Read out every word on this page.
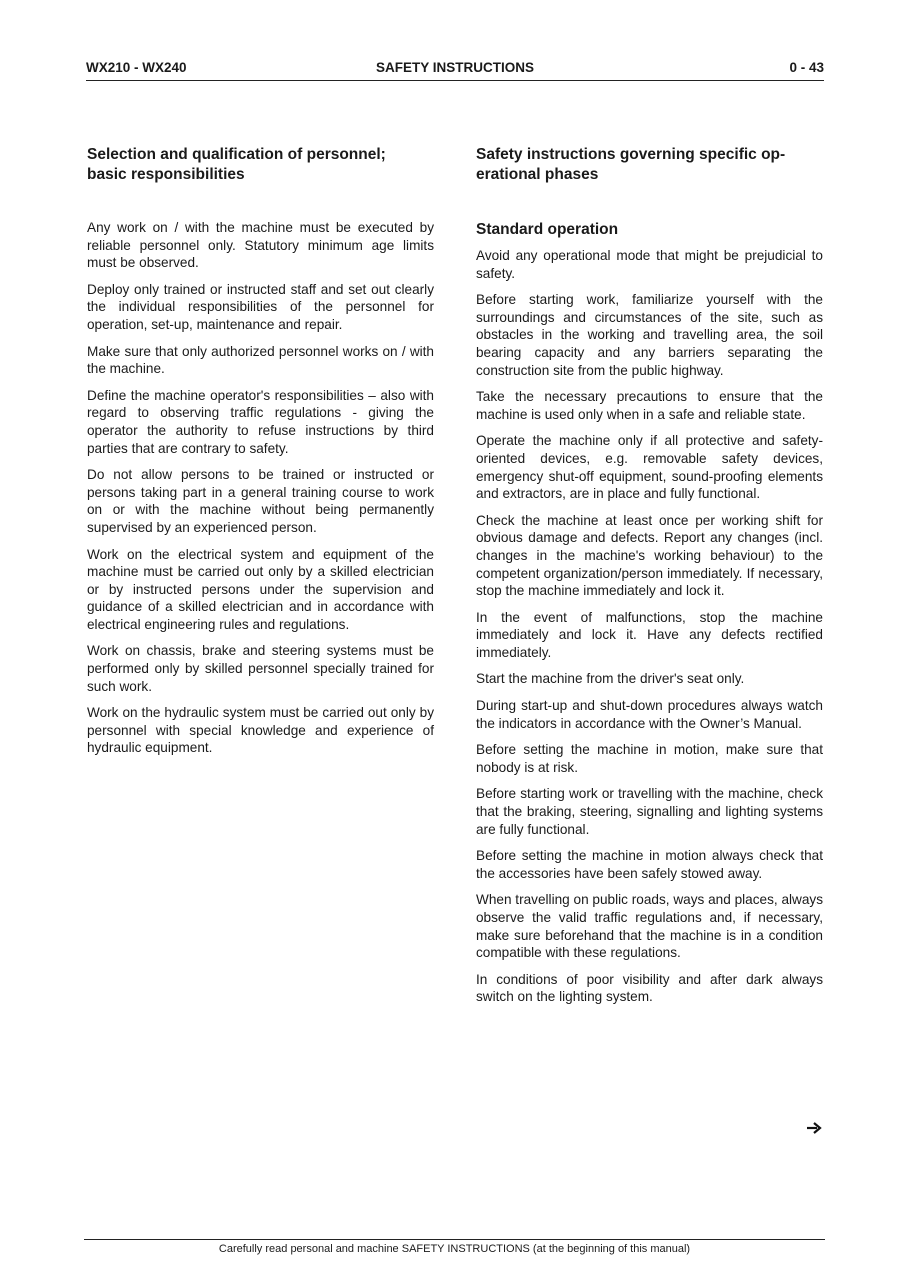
WX210 - WX240	SAFETY INSTRUCTIONS	0 - 43
Selection and qualification of personnel;
basic responsibilities

Any work on / with the machine must be executed by reliable personnel only. Statutory minimum age limits must be observed.

Deploy only trained or instructed staff and set out clearly the individual responsibilities of the personnel for operation, set-up, maintenance and repair.

Make sure that only authorized personnel works on / with the machine.

Define the machine operator's responsibilities – also with regard to observing traffic regulations - giving the operator the authority to refuse instructions by third parties that are contrary to safety.

Do not allow persons to be trained or instructed or persons taking part in a general training course to work on or with the machine without being permanently supervised by an experienced person.

Work on the electrical system and equipment of the machine must be carried out only by a skilled electrician or by instructed persons under the supervision and guidance of a skilled electrician and in accordance with electrical engineering rules and regulations.

Work on chassis, brake and steering systems must be performed only by skilled personnel specially trained for such work.

Work on the hydraulic system must be carried out only by personnel with special knowledge and experience of hydraulic equipment.

Safety instructions governing specific op-
erational phases
Standard operation

Avoid any operational mode that might be prejudicial to safety.

Before starting work, familiarize yourself with the surroundings and circumstances of the site, such as obstacles in the working and travelling area, the soil bearing capacity and any barriers separating the construction site from the public highway.

Take the necessary precautions to ensure that the machine is used only when in a safe and reliable state.

Operate the machine only if all protective and safety-oriented devices, e.g. removable safety devices, emergency shut-off equipment, sound-proofing elements and extractors, are in place and fully functional.

Check the machine at least once per working shift for obvious damage and defects. Report any changes (incl. changes in the machine's working behaviour) to the competent organization/person immediately. If necessary, stop the machine immediately and lock it.

In the event of malfunctions, stop the machine immediately and lock it. Have any defects rectified immediately.

Start the machine from the driver's seat only.

During start-up and shut-down procedures always watch the indicators in accordance with the Owner’s Manual.

Before setting the machine in motion, make sure that nobody is at risk.

Before starting work or travelling with the machine, check that the braking, steering, signalling and lighting systems are fully functional.

Before setting the machine in motion always check that the accessories have been safely stowed away.

When travelling on public roads, ways and places, always observe the valid traffic regulations and, if necessary, make sure beforehand that the machine is in a condition compatible with these regulations.

In conditions of poor visibility and after dark always switch on the lighting system.

Carefully read personal and machine SAFETY INSTRUCTIONS (at the beginning of this manual)
